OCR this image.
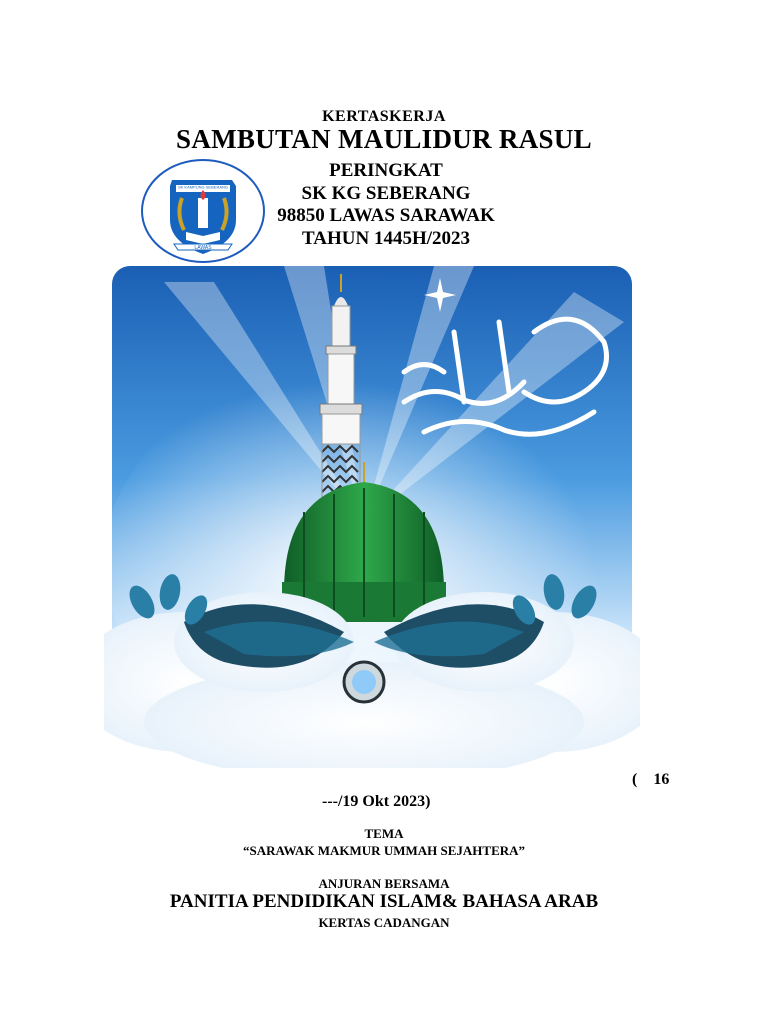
KERTASKERJA
SAMBUTAN MAULIDUR RASUL
PERINGKAT
SK KG SEBERANG
98850 LAWAS SARAWAK
TAHUN 1445H/2023
SK KAMPUNG SEBERANG
LAWAS
(    16
---/19 Okt 2023)
TEMA
“SARAWAK MAKMUR UMMAH SEJAHTERA”
ANJURAN BERSAMA
PANITIA PENDIDIKAN ISLAM& BAHASA ARAB
KERTAS CADANGAN
